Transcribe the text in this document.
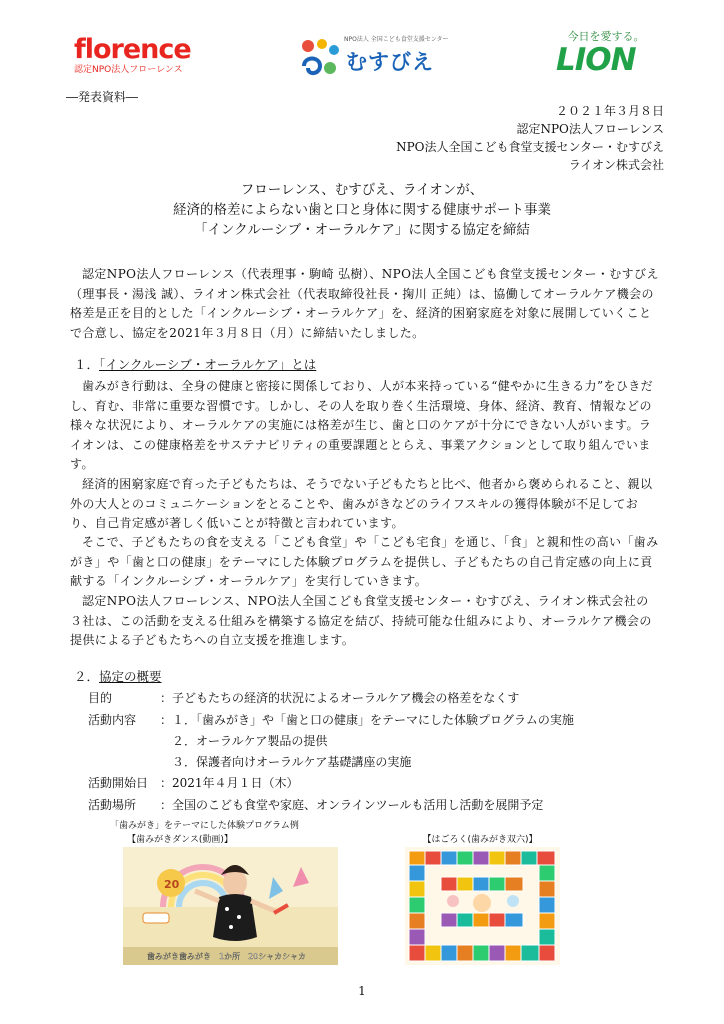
florence
認定NPO法人フローレンス
NPO法人 全国こども食堂支援センター
むすびえ
今日を愛する。
LION
―発表資料―
２０２１年３月８日
認定NPO法人フローレンス
NPO法人全国こども食堂支援センター・むすびえ
ライオン株式会社
フローレンス、むすびえ、ライオンが、
経済的格差によらない歯と口と身体に関する健康サポート事業
「インクルーシブ・オーラルケア」に関する協定を締結

認定NPO法人フローレンス（代表理事・駒崎 弘樹）、NPO法人全国こども食堂支援センター・むすびえ（理事長・湯浅 誠）、ライオン株式会社（代表取締役社長・掬川 正純）は、協働してオーラルケア機会の格差是正を目的とした「インクルーシブ・オーラルケア」を、経済的困窮家庭を対象に展開していくことで合意し、協定を2021年３月８日（月）に締結いたしました。

１．「インクルーシブ・オーラルケア」とは

歯みがき行動は、全身の健康と密接に関係しており、人が本来持っている“健やかに生きる力”をひきだし、育む、非常に重要な習慣です。しかし、その人を取り巻く生活環境、身体、経済、教育、情報などの様々な状況により、オーラルケアの実施には格差が生じ、歯と口のケアが十分にできない人がいます。ライオンは、この健康格差をサステナビリティの重要課題ととらえ、事業アクションとして取り組んでいます。

経済的困窮家庭で育った子どもたちは、そうでない子どもたちと比べ、他者から褒められること、親以外の大人とのコミュニケーションをとることや、歯みがきなどのライフスキルの獲得体験が不足しており、自己肯定感が著しく低いことが特徴と言われています。

そこで、子どもたちの食を支える「こども食堂」や「こども宅食」を通じ、「食」と親和性の高い「歯みがき」や「歯と口の健康」をテーマにした体験プログラムを提供し、子どもたちの自己肯定感の向上に貢献する「インクルーシブ・オーラルケア」を実行していきます。

認定NPO法人フローレンス、NPO法人全国こども食堂支援センター・むすびえ、ライオン株式会社の３社は、この活動を支える仕組みを構築する協定を結び、持続可能な仕組みにより、オーラルケア機会の提供による子どもたちへの自立支援を推進します。

２．協定の概要
目的	：子どもたちの経済的状況によるオーラルケア機会の格差をなくす
活動内容 ：１．「歯みがき」や「歯と口の健康」をテーマにした体験プログラムの実施
２．オーラルケア製品の提供
３．保護者向けオーラルケア基礎講座の実施
活動開始日 ：2021年４月１日（木）
活動場所 ：全国のこども食堂や家庭、オンラインツールも活用し活動を展開予定
「歯みがき」をテーマにした体験プログラム例
【歯みがきダンス(動画)】	【はごろく(歯みがき双六)】
20
歯みがき歯みがき　1か所　20シャカシャカ
1
